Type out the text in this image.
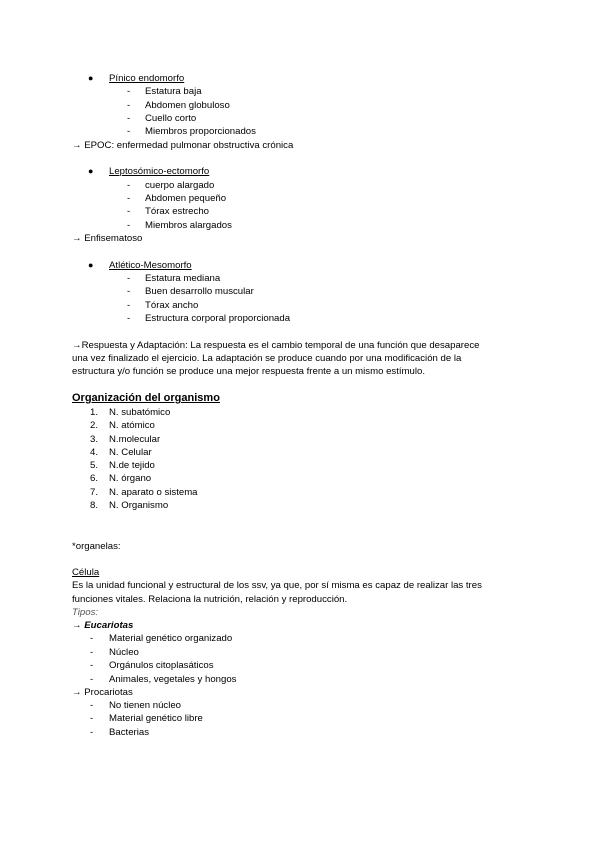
● Pínico endomorfo
- Estatura baja
- Abdomen globuloso
- Cuello corto
- Miembros proporcionados
→ EPOC: enfermedad pulmonar obstructiva crónica
● Leptosómico-ectomorfo
- cuerpo alargado
- Abdomen pequeño
- Tórax estrecho
- Miembros alargados
→ Enfisematoso
● Atlético-Mesomorfo
- Estatura mediana
- Buen desarrollo muscular
- Tórax ancho
- Estructura corporal proporcionada
→Respuesta y Adaptación: La respuesta es el cambio temporal de una función que desaparece
una vez finalizado el ejercicio. La adaptación se produce cuando por una modificación de la
estructura y/o función se produce una mejor respuesta frente a un mismo estímulo.
Organización del organismo
1. N. subatómico
2. N. atómico
3. N.molecular
4. N. Celular
5. N.de tejido
6. N. órgano
7. N. aparato o sistema
8. N. Organismo
*organelas:
Célula
Es la unidad funcional y estructural de los ssv, ya que, por sí misma es capaz de realizar las tres
funciones vitales. Relaciona la nutrición, relación y reproducción.
Tipos:
→ Eucariotas
- Material genético organizado
- Núcleo
- Orgánulos citoplasáticos
- Animales, vegetales y hongos
→ Procariotas
- No tienen núcleo
- Material genético libre
- Bacterias
